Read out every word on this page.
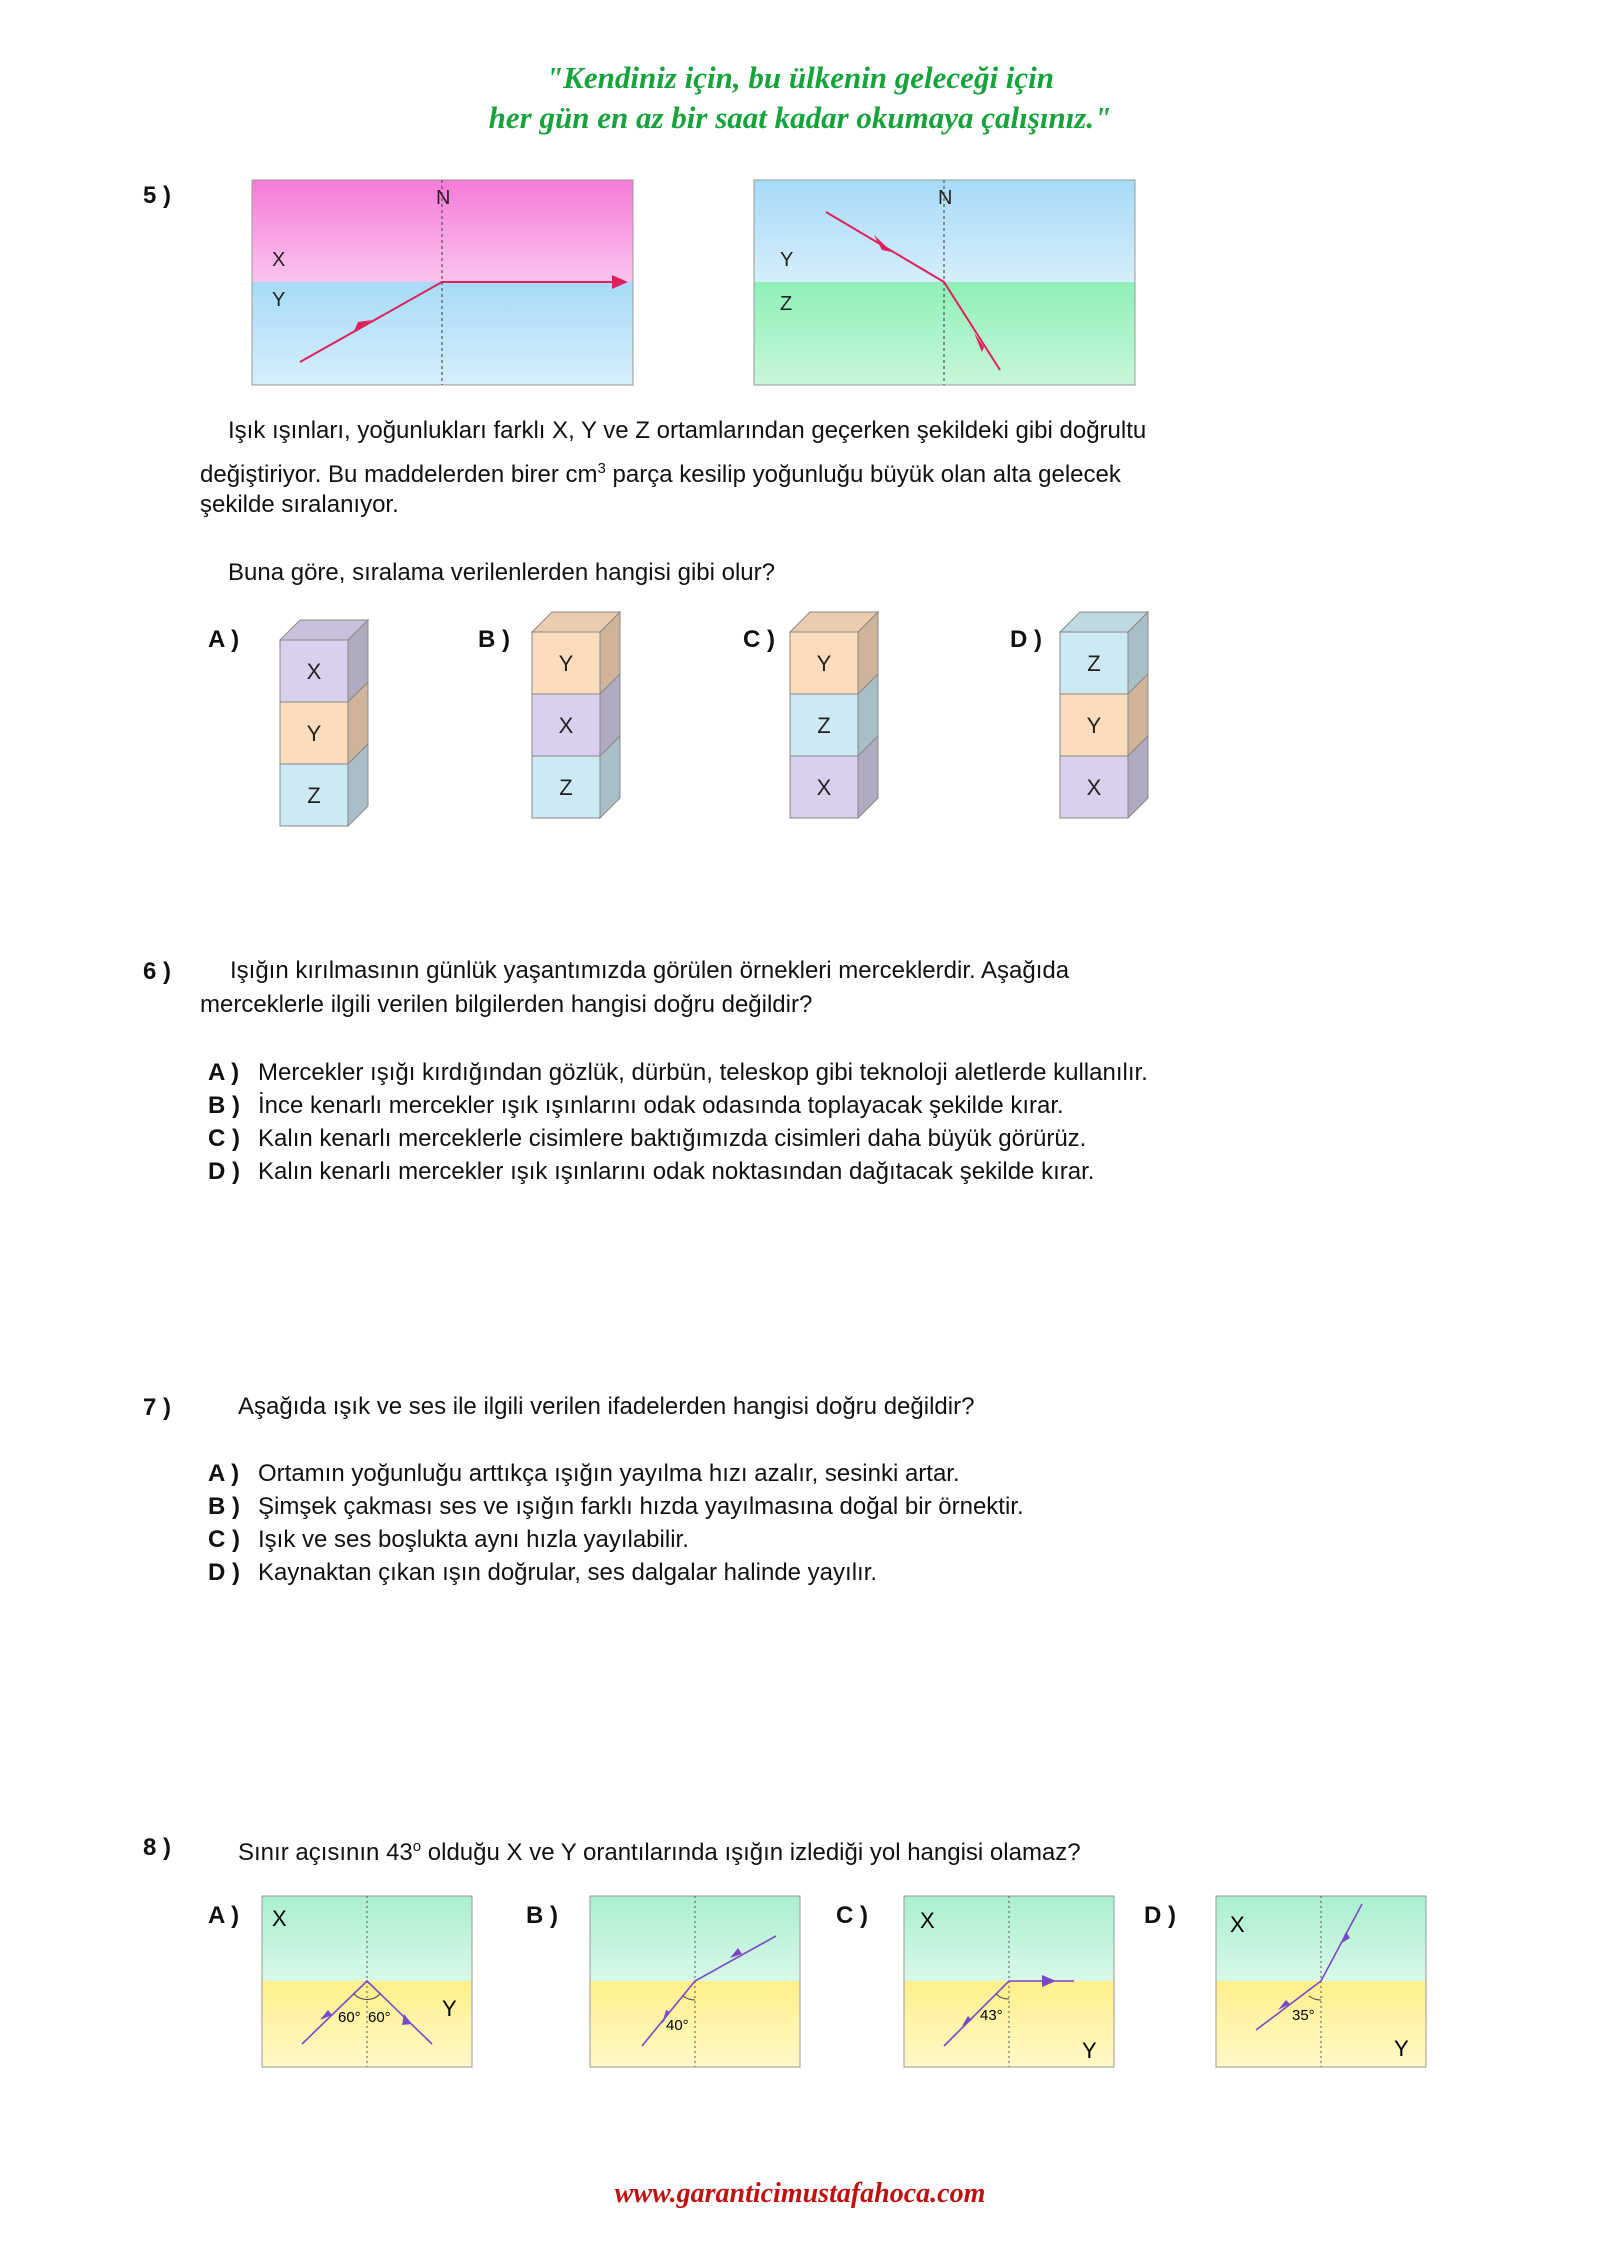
"Kendiniz için, bu ülkenin geleceği için
her gün en az bir saat kadar okumaya çalışınız."
5 )	N
X
Y
N
Y
Z
Işık ışınları, yoğunlukları farklı X, Y ve Z ortamlarından geçerken şekildeki gibi doğrultu
değiştiriyor. Bu maddelerden birer $cm^3$ parça kesilip yoğunluğu büyük olan alta gelecek
şekilde sıralanıyor.
Buna göre, sıralama verilenlerden hangisi gibi olur?
A )	B )	C )	D )
X
Y
Z
Y
X
Z
Y
Z
X
Z
Y
X
6 ) Işığın kırılmasının günlük yaşantımızda görülen örnekleri merceklerdir. Aşağıda
merceklerle ilgili verilen bilgilerden hangisi doğru değildir?
A ) Mercekler ışığı kırdığından gözlük, dürbün, teleskop gibi teknoloji aletlerde kullanılır.
B ) İnce kenarlı mercekler ışık ışınlarını odak odasında toplayacak şekilde kırar.
C ) Kalın kenarlı merceklerle cisimlere baktığımızda cisimleri daha büyük görürüz.
D ) Kalın kenarlı mercekler ışık ışınlarını odak noktasından dağıtacak şekilde kırar.
7 )	Aşağıda ışık ve ses ile ilgili verilen ifadelerden hangisi doğru değildir?
A ) Ortamın yoğunluğu arttıkça ışığın yayılma hızı azalır, sesinki artar.
B ) Şimşek çakması ses ve ışığın farklı hızda yayılmasına doğal bir örnektir.
C ) Işık ve ses boşlukta aynı hızla yayılabilir.
D ) Kaynaktan çıkan ışın doğrular, ses dalgalar halinde yayılır.
8 )	Sınır açısının 43$^o$ olduğu X ve Y orantılarında ışığın izlediği yol hangisi olamaz?
A )	B )	C )	D )
X
Y
60° 60°	40°
X
Y
43°
X
Y
35°
www.garanticimustafahoca.com
